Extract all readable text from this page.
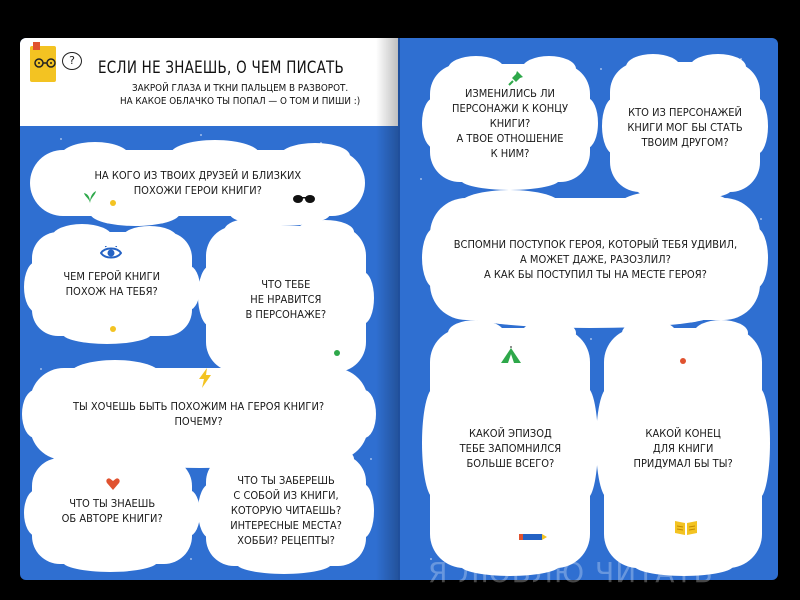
?	ЕСЛИ НЕ ЗНАЕШЬ, О ЧЕМ ПИСАТЬ
ЗАКРОЙ ГЛАЗА И ТКНИ ПАЛЬЦЕМ В РАЗВОРОТ.
НА КАКОЕ ОБЛАЧКО ТЫ ПОПАЛ — О ТОМ И ПИШИ :)
НА КОГО ИЗ ТВОИХ ДРУЗЕЙ И БЛИЗКИХ
ПОХОЖИ ГЕРОИ КНИГИ?
ЧЕМ ГЕРОЙ КНИГИ
ПОХОЖ НА ТЕБЯ?
ЧТО ТЕБЕ
НЕ НРАВИТСЯ
В ПЕРСОНАЖЕ?
ТЫ ХОЧЕШЬ БЫТЬ ПОХОЖИМ НА ГЕРОЯ КНИГИ?
ПОЧЕМУ?
ЧТО ТЫ ЗНАЕШЬ
ОБ АВТОРЕ КНИГИ?
ЧТО ТЫ ЗАБЕРЕШЬ
С СОБОЙ ИЗ КНИГИ,
КОТОРУЮ ЧИТАЕШЬ?
ИНТЕРЕСНЫЕ МЕСТА?
ХОББИ? РЕЦЕПТЫ?
ИЗМЕНИЛИСЬ ЛИ
ПЕРСОНАЖИ К КОНЦУ КНИГИ?
А ТВОЕ ОТНОШЕНИЕ
К НИМ?
КТО ИЗ ПЕРСОНАЖЕЙ
КНИГИ МОГ БЫ СТАТЬ
ТВОИМ ДРУГОМ?
ВСПОМНИ ПОСТУПОК ГЕРОЯ, КОТОРЫЙ ТЕБЯ УДИВИЛ,
А МОЖЕТ ДАЖЕ, РАЗОЗЛИЛ?
А КАК БЫ ПОСТУПИЛ ТЫ НА МЕСТЕ ГЕРОЯ?
КАКОЙ ЭПИЗОД
ТЕБЕ ЗАПОМНИЛСЯ
БОЛЬШЕ ВСЕГО?
КАКОЙ КОНЕЦ
ДЛЯ КНИГИ
ПРИДУМАЛ БЫ ТЫ?
Я ЛЮБЛЮ ЧИТАТЬ
